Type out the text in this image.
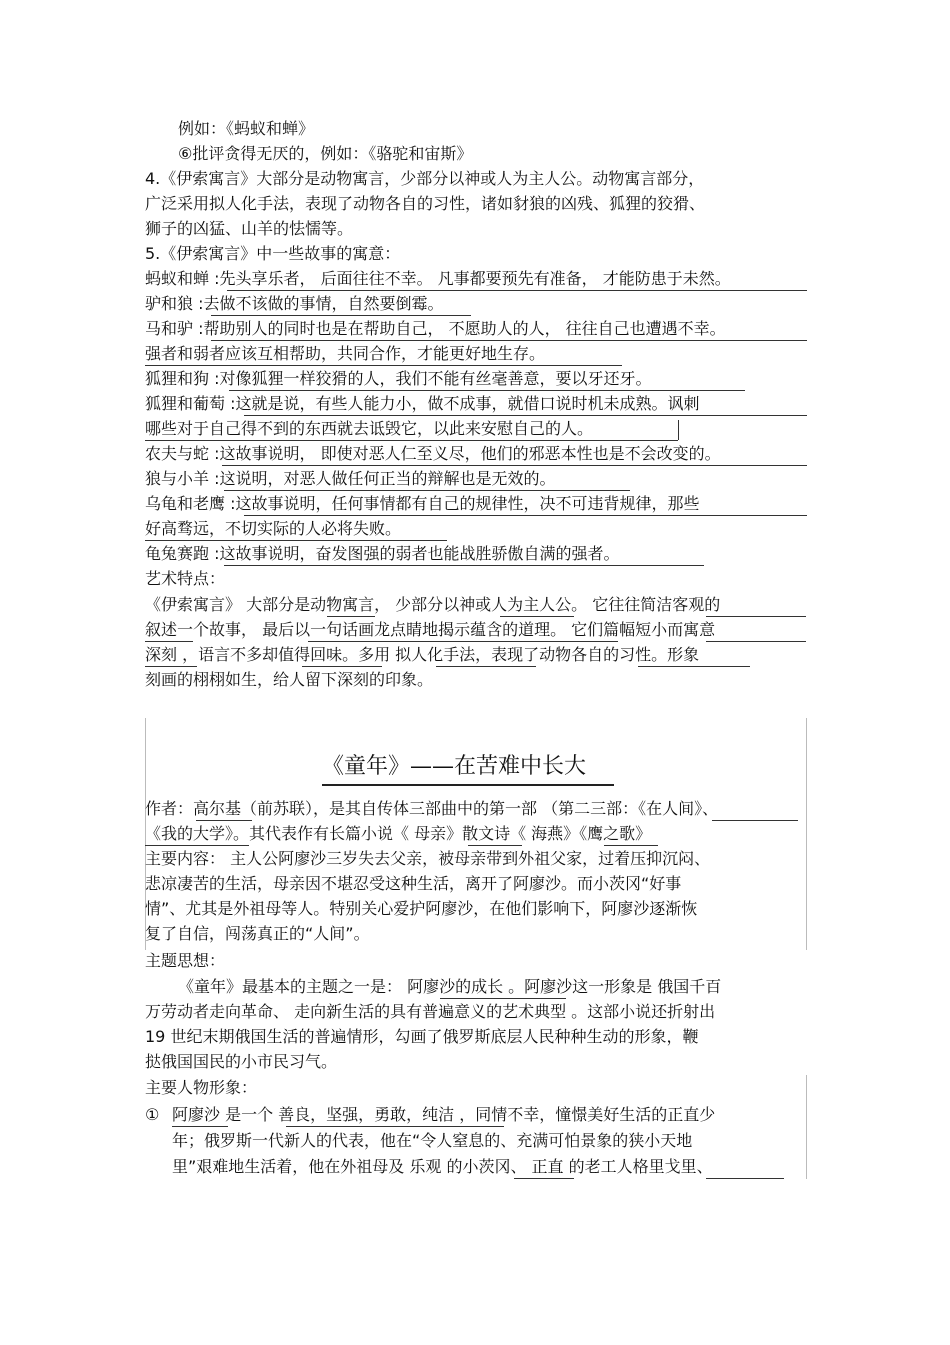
例如：《蚂蚁和蝉》
⑥批评贪得无厌的，例如：《骆驼和宙斯》
4.《伊索寓言》大部分是动物寓言，少部分以神或人为主人公。动物寓言部分，
广泛采用拟人化手法，表现了动物各自的习性，诸如豺狼的凶残、狐狸的狡猾、
狮子的凶猛、山羊的怯懦等。
5.《伊索寓言》中一些故事的寓意：
蚂蚁和蝉 :先头享乐者， 后面往往不幸。 凡事都要预先有准备， 才能防患于未然。
驴和狼 :去做不该做的事情，自然要倒霉。
马和驴 :帮助别人的同时也是在帮助自己， 不愿助人的人， 往往自己也遭遇不幸。
强者和弱者应该互相帮助，共同合作，才能更好地生存。
狐狸和狗 :对像狐狸一样狡猾的人，我们不能有丝毫善意，要以牙还牙。
狐狸和葡萄 :这就是说，有些人能力小，做不成事，就借口说时机未成熟。讽刺
哪些对于自己得不到的东西就去诋毁它，以此来安慰自己的人。
农夫与蛇 :这故事说明， 即使对恶人仁至义尽，他们的邪恶本性也是不会改变的。
狼与小羊 :这说明，对恶人做任何正当的辩解也是无效的。
乌龟和老鹰 :这故事说明，任何事情都有自己的规律性，决不可违背规律，那些
好高骛远，不切实际的人必将失败。
龟兔赛跑 :这故事说明，奋发图强的弱者也能战胜骄傲自满的强者。
艺术特点：
《伊索寓言》 大部分是动物寓言， 少部分以神或人为主人公。 它往往简洁客观的
叙述一个故事， 最后以一句话画龙点睛地揭示蕴含的道理。 它们篇幅短小而寓意
深刻 ，语言不多却值得回味。多用 拟人化手法，表现了动物各自的习性。形象
刻画的栩栩如生，给人留下深刻的印象。
《童年》——在苦难中长大
作者：高尔基（前苏联），是其自传体三部曲中的第一部 （第二三部：《在人间》、
《我的大学》。其代表作有长篇小说《 母亲》散文诗《 海燕》《鹰之歌》
主要内容： 主人公阿廖沙三岁失去父亲，被母亲带到外祖父家，过着压抑沉闷、
悲凉凄苦的生活，母亲因不堪忍受这种生活，离开了阿廖沙。而小茨冈“好事
情”、尤其是外祖母等人。特别关心爱护阿廖沙，在他们影响下，阿廖沙逐渐恢
复了自信，闯荡真正的“人间”。
主题思想：
《童年》最基本的主题之一是： 阿廖沙的成长 。阿廖沙这一形象是 俄国千百
万劳动者走向革命、 走向新生活的具有普遍意义的艺术典型 。这部小说还折射出
19 世纪末期俄国生活的普遍情形，勾画了俄罗斯底层人民种种生动的形象，鞭
挞俄国国民的小市民习气。
主要人物形象：
① 阿廖沙 是一个 善良，坚强，勇敢，纯洁 ，同情不幸，憧憬美好生活的正直少
年；俄罗斯一代新人的代表，他在“令人窒息的、充满可怕景象的狭小天地
里”艰难地生活着，他在外祖母及 乐观 的小茨冈、 正直 的老工人格里戈里、
